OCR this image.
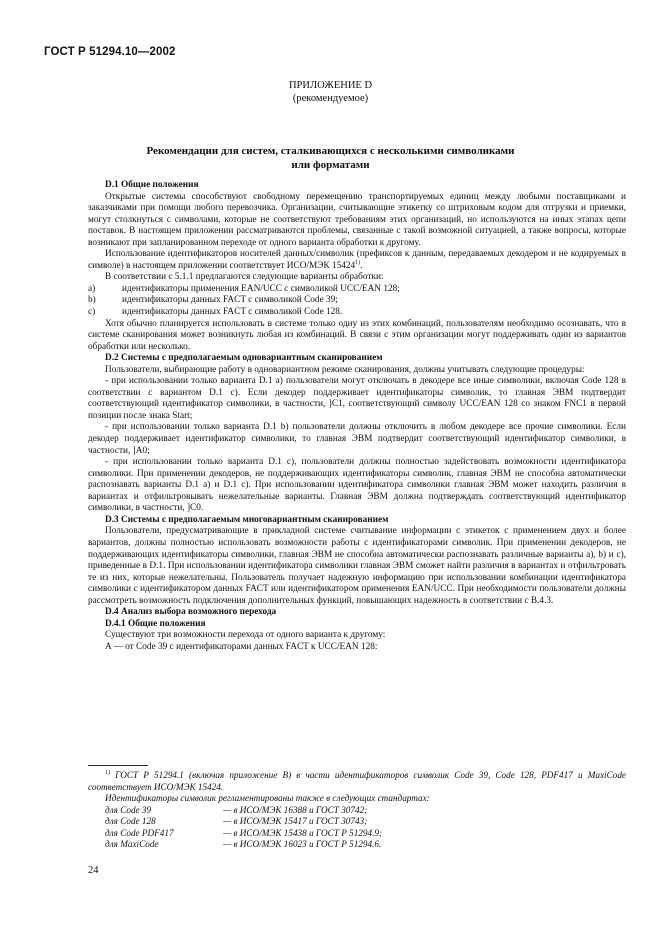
ГОСТ Р 51294.10—2002
ПРИЛОЖЕНИЕ D
(рекомендуемое)
Рекомендации для систем, сталкивающихся с несколькими символиками
или форматами

D.1 Общие положения

Открытые системы способствуют свободному перемещению транспортируемых единиц между любыми поставщиками и заказчиками при помощи любого перевозчика. Организации, считывающие этикетку со штриховым кодом для отгрузки и приемки, могут столкнуться с символами, которые не соответствуют требованиям этих организаций, но используются на иных этапах цепи поставок. В настоящем приложении рассматриваются проблемы, связанные с такой возможной ситуацией, а также вопросы, которые возникают при запланированном переходе от одного варианта обработки к другому.

Использование идентификаторов носителей данных/символик (префиксов к данным, передаваемых декодером и не кодируемых в символе) в настоящем приложении соответствует ИСО/МЭК 15424$^{1)}$.

В соответствии с 5.1.1 предлагаются следующие варианты обработки:

a)	идентификаторы применения EAN/UCC с символикой UCC/EAN 128;
b)	идентификаторы данных FACT с символикой Code 39;
c)	идентификаторы данных FACT с символикой Code 128.

Хотя обычно планируется использовать в системе только одну из этих комбинаций, пользователям необходимо осознавать, что в системе сканирования может возникнуть любая из комбинаций. В связи с этим организации могут поддерживать один из вариантов обработки или несколько.

D.2 Системы с предполагаемым одновариантным сканированием

Пользователи, выбирающие работу в одновариантном режиме сканирования, должны учитывать следующие процедуры:

- при использовании только варианта D.1 a) пользователи могут отключать в декодере все иные символики, включая Code 128 в соответствии с вариантом D.1 c). Если декодер поддерживает идентификаторы символик, то главная ЭВМ подтвердит соответствующий идентификатор символики, в частности, ]C1, соответствующий символу UCC/EAN 128 со знаком FNC1 в первой позиции после знака Start;

- при использовании только варианта D.1 b) пользователи должны отключить в любом декодере все прочие символики. Если декодер поддерживает идентификатор символики, то главная ЭВМ подтвердит соответствующий идентификатор символики, в частности, ]A0;

- при использовании только варианта D.1 c), пользователи должны полностью задействовать возможности идентификатора символики. При применении декодеров, не поддерживающих идентификаторы символик, главная ЭВМ не способна автоматически распознавать варианты D.1 a) и D.1 c). При использовании идентификатора символики главная ЭВМ может находить различия в вариантах и отфильтровывать нежелательные варианты. Главная ЭВМ должна подтверждать соответствующий идентификатор символики, в частности, ]C0.

D.3 Системы с предполагаемым многовариантным сканированием

Пользователи, предусматривающие в прикладной системе считывание информации с этикеток с применением двух и более вариантов, должны полностью использовать возможности работы с идентификаторами символик. При применении декодеров, не поддерживающих идентификаторы символики, главная ЭВМ не способна автоматически распознавать различные варианты a), b) и c), приведенные в D.1. При использовании идентификатора символики главная ЭВМ сможет найти различия в вариантах и отфильтровать те из них, которые нежелательны. Пользователь получает надежную информацию при использовании комбинации идентификатора символики с идентификатором данных FACT или идентификатором применения EAN/UCC. При необходимости пользователи должны рассмотреть возможность подключения дополнительных функций, повышающих надежность в соответствии с В.4.3.

D.4 Анализ выбора возможного перехода

D.4.1 Общие положения

Существуют три возможности перехода от одного варианта к другому:

A — от Code 39 с идентификаторами данных FACT к UCC/EAN 128:

$^{1)}$ ГОСТ Р 51294.1 (включая приложение В) в части идентификаторов символик Code 39, Code 128, PDF417 и MaxiCode соответствует ИСО/МЭК 15424.

Идентификаторы символик регламентированы также в следующих стандартах:

для Code 39	— в ИСО/МЭК 16388 и ГОСТ 30742;
для Code 128	— в ИСО/МЭК 15417 и ГОСТ 30743;
для Code PDF417	— в ИСО/МЭК 15438 и ГОСТ Р 51294.9;
для MaxiCode	— в ИСО/МЭК 16023 и ГОСТ Р 51294.6.
24
